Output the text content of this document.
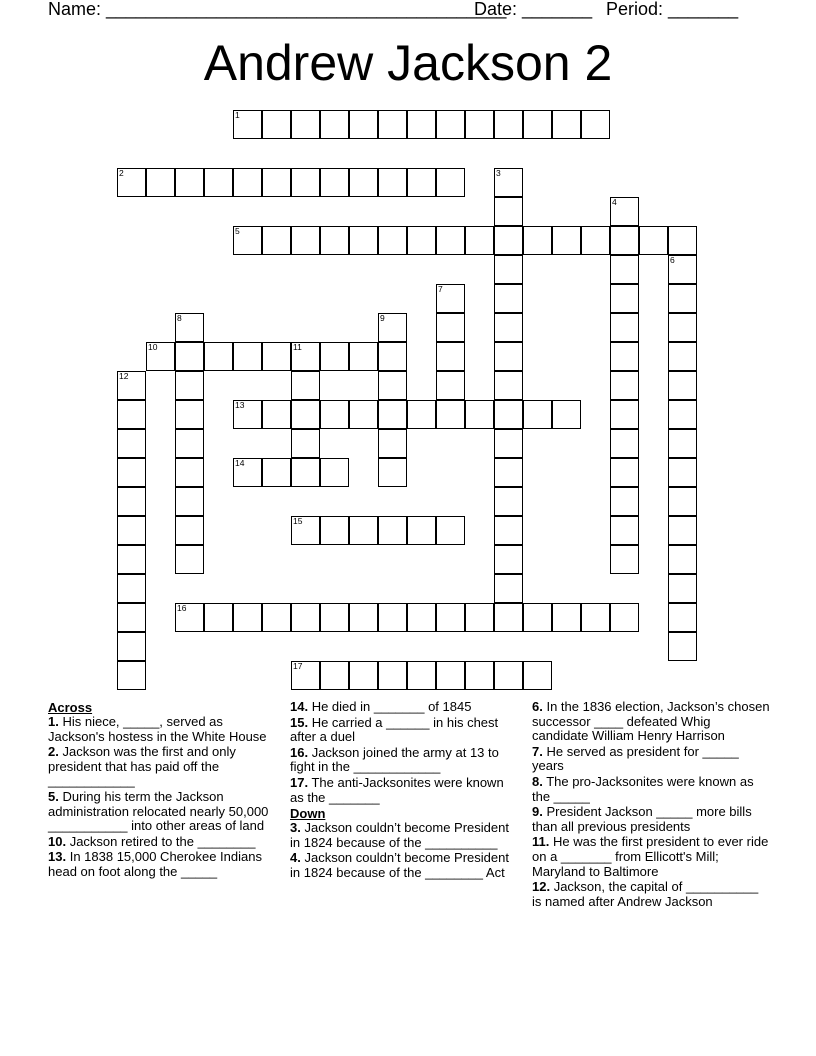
Name: ________________________________________

Date: _______

Period: _______

Andrew Jackson 2
1
2	3
4
5
6
7
8	9
10	11
12
13
14
15
16
17
Across
1. His niece, _____, served as Jackson's hostess in the White House
2. Jackson was the first and only president that has paid off the ____________
5. During his term the Jackson administration relocated nearly 50,000 ___________ into other areas of land
10. Jackson retired to the ________
13. In 1838 15,000 Cherokee Indians head on foot along the _____
14. He died in _______ of 1845
15. He carried a ______ in his chest after a duel
16. Jackson joined the army at 13 to fight in the ____________
17. The anti-Jacksonites were known as the _______
Down
3. Jackson couldn’t become President in 1824 because of the __________
4. Jackson couldn’t become President in 1824 because of the ________ Act
6. In the 1836 election, Jackson’s chosen successor ____ defeated Whig candidate William Henry Harrison
7. He served as president for _____ years
8. The pro-Jacksonites were known as the _____
9. President Jackson _____ more bills than all previous presidents
11. He was the first president to ever ride on a _______ from Ellicott's Mill; Maryland to Baltimore
12. Jackson, the capital of __________ is named after Andrew Jackson
